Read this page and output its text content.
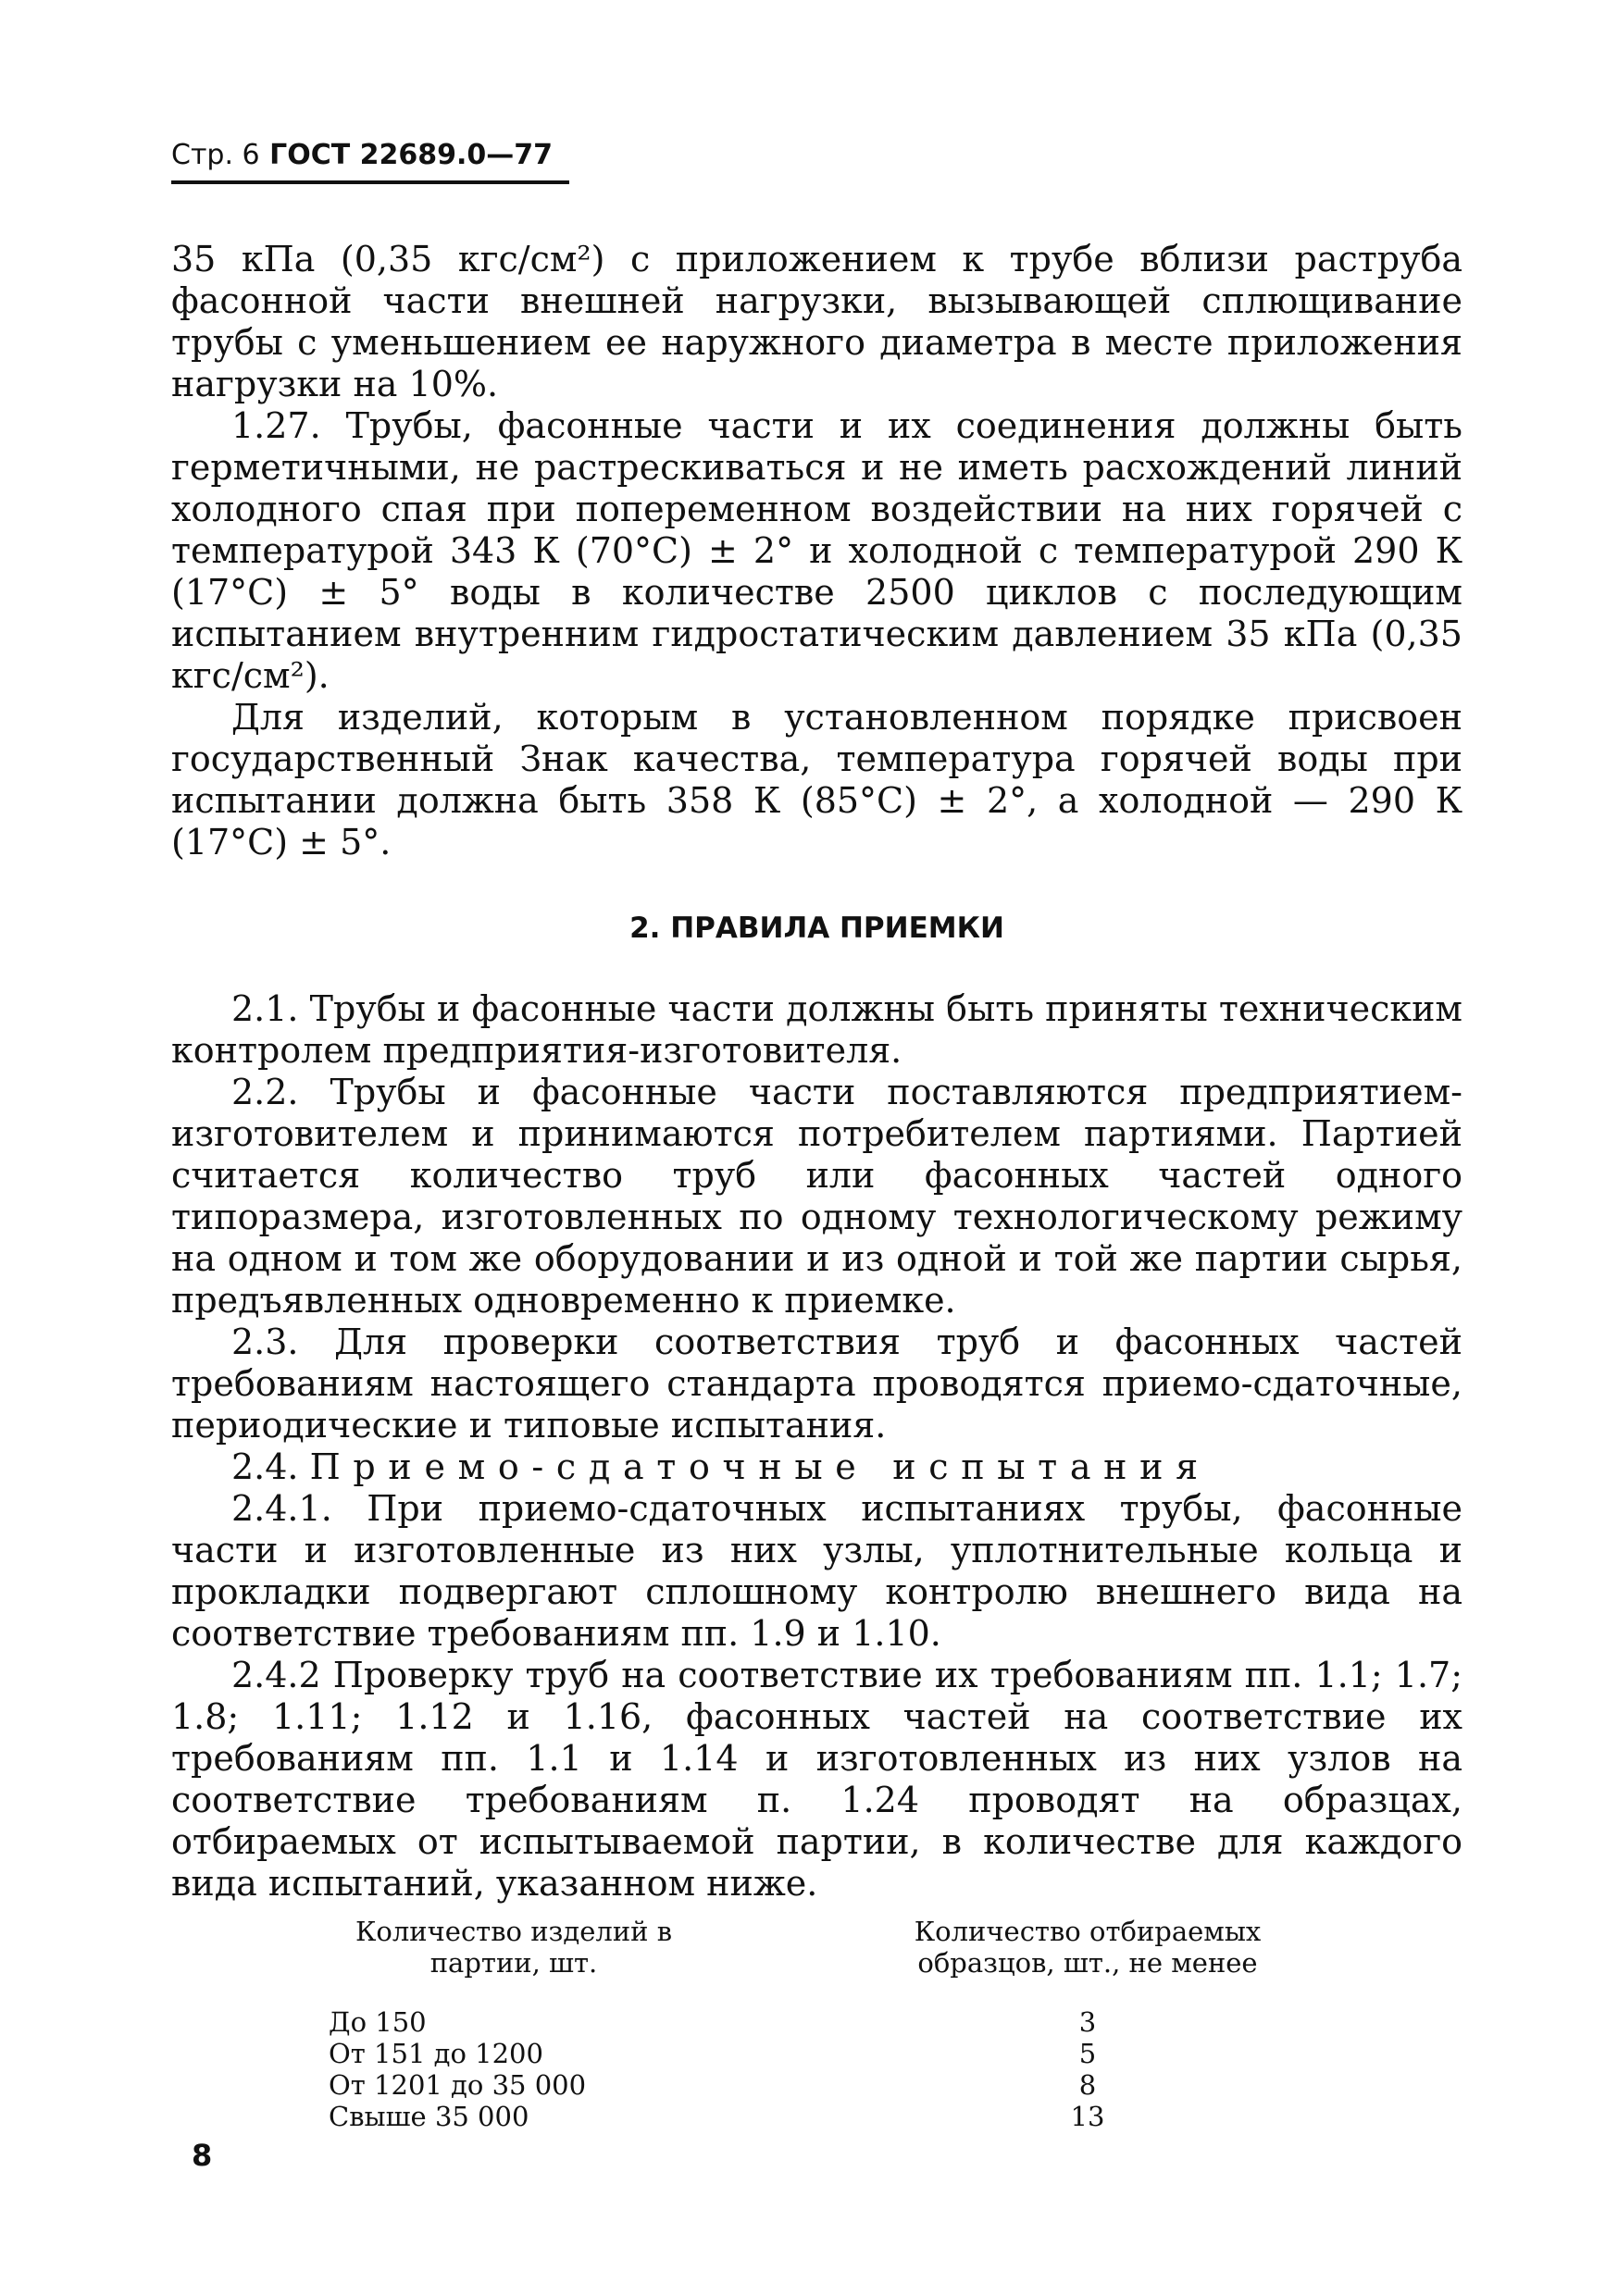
Стр. 6 ГОСТ 22689.0—77

35 кПа (0,35 кгс/см²) с приложением к трубе вблизи раструба фасонной части внешней нагрузки, вызывающей сплющивание трубы с уменьшением ее наружного диаметра в месте приложения нагрузки на 10%.

1.27. Трубы, фасонные части и их соединения должны быть герметичными, не растрескиваться и не иметь расхождений линий холодного спая при попеременном воздействии на них горячей с температурой 343 К (70°С) ± 2° и холодной с температурой 290 К (17°С) ± 5° воды в количестве 2500 циклов с последующим испытанием внутренним гидростатическим давлением 35 кПа (0,35 кгс/см²).

Для изделий, которым в установленном порядке присвоен государственный Знак качества, температура горячей воды при испытании должна быть 358 К (85°С) ± 2°, а холодной — 290 К (17°С) ± 5°.

2. ПРАВИЛА ПРИЕМКИ

2.1. Трубы и фасонные части должны быть приняты техническим контролем предприятия-изготовителя.

2.2. Трубы и фасонные части поставляются предприятием-изготовителем и принимаются потребителем партиями. Партией считается количество труб или фасонных частей одного типоразмера, изготовленных по одному технологическому режиму на одном и том же оборудовании и из одной и той же партии сырья, предъявленных одновременно к приемке.

2.3. Для проверки соответствия труб и фасонных частей требованиям настоящего стандарта проводятся приемо-сдаточные, периодические и типовые испытания.

2.4. Приемо-сдаточные испытания

2.4.1. При приемо-сдаточных испытаниях трубы, фасонные части и изготовленные из них узлы, уплотнительные кольца и прокладки подвергают сплошному контролю внешнего вида на соответствие требованиям пп. 1.9 и 1.10.

2.4.2 Проверку труб на соответствие их требованиям пп. 1.1; 1.7; 1.8; 1.11; 1.12 и 1.16, фасонных частей на соответствие их требованиям пп. 1.1 и 1.14 и изготовленных из них узлов на соответствие требованиям п. 1.24 проводят на образцах, отбираемых от испытываемой партии, в количестве для каждого вида испытаний, указанном ниже.

Количество изделий в партии, шт.	Количество отбираемых образцов, шт., не менее
До 150	3
От 151 до 1200	5
От 1201 до 35 000	8
Свыше 35 000	13
8
